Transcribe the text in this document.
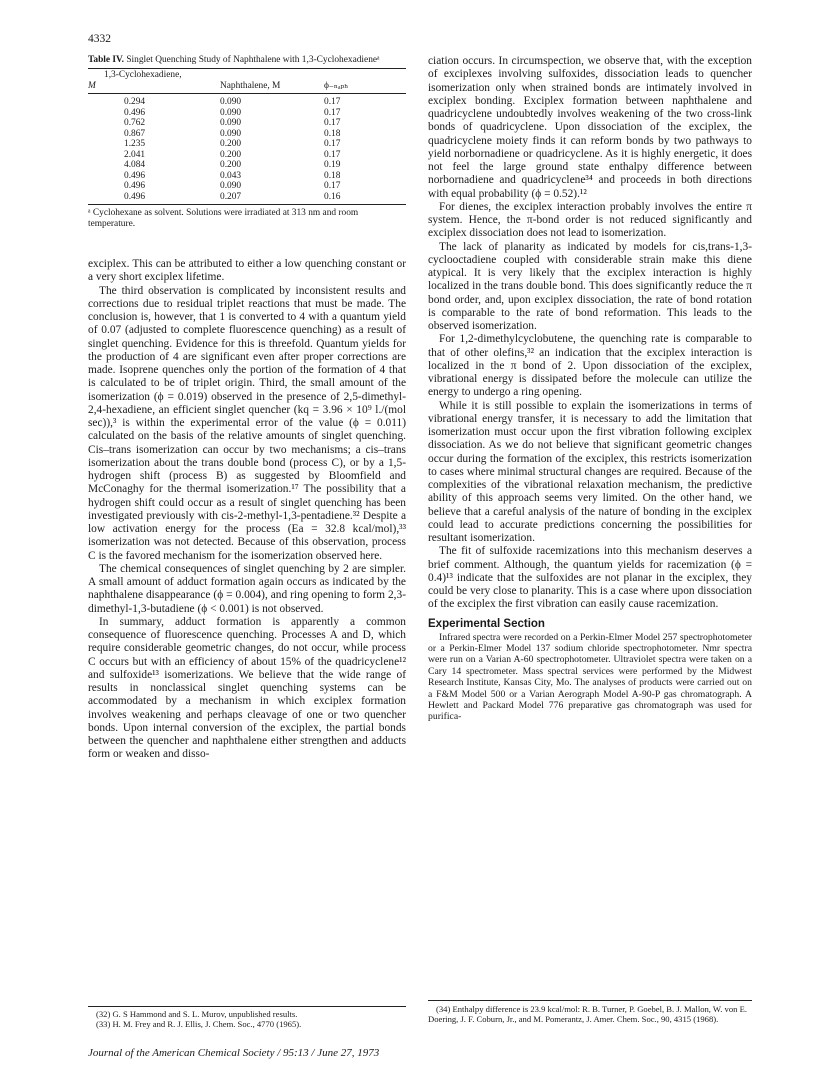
4332
Table IV. Singlet Quenching Study of Naphthalene with 1,3-Cyclohexadieneᵃ
1,3-Cyclohexadiene,		
M	Naphthalene, M	ϕ₋ₙₐₚₕ
0.294	0.090	0.17
0.496	0.090	0.17
0.762	0.090	0.17
0.867	0.090	0.18
1.235	0.200	0.17
2.041	0.200	0.17
4.084	0.200	0.19
0.496	0.043	0.18
0.496	0.090	0.17
0.496	0.207	0.16
ᵃ Cyclohexane as solvent. Solutions were irradiated at 313 nm and room temperature.

exciplex. This can be attributed to either a low quenching constant or a very short exciplex lifetime.

The third observation is complicated by inconsistent results and corrections due to residual triplet reactions that must be made. The conclusion is, however, that 1 is converted to 4 with a quantum yield of 0.07 (adjusted to complete fluorescence quenching) as a result of singlet quenching. Evidence for this is threefold. Quantum yields for the production of 4 are significant even after proper corrections are made. Isoprene quenches only the portion of the formation of 4 that is calculated to be of triplet origin. Third, the small amount of the isomerization (ϕ = 0.019) observed in the presence of 2,5-dimethyl-2,4-hexadiene, an efficient singlet quencher (kq = 3.96 × 10⁹ l./(mol sec)),³ is within the experimental error of the value (ϕ = 0.011) calculated on the basis of the relative amounts of singlet quenching. Cis–trans isomerization can occur by two mechanisms; a cis–trans isomerization about the trans double bond (process C), or by a 1,5-hydrogen shift (process B) as suggested by Bloomfield and McConaghy for the thermal isomerization.¹⁷ The possibility that a hydrogen shift could occur as a result of singlet quenching has been investigated previously with cis-2-methyl-1,3-pentadiene.³² Despite a low activation energy for the process (Ea = 32.8 kcal/mol),³³ isomerization was not detected. Because of this observation, process C is the favored mechanism for the isomerization observed here.

The chemical consequences of singlet quenching by 2 are simpler. A small amount of adduct formation again occurs as indicated by the naphthalene disappearance (ϕ = 0.004), and ring opening to form 2,3-dimethyl-1,3-butadiene (ϕ < 0.001) is not observed.

In summary, adduct formation is apparently a common consequence of fluorescence quenching. Processes A and D, which require considerable geometric changes, do not occur, while process C occurs but with an efficiency of about 15% of the quadricyclene¹² and sulfoxide¹³ isomerizations. We believe that the wide range of results in nonclassical singlet quenching systems can be accommodated by a mechanism in which exciplex formation involves weakening and perhaps cleavage of one or two quencher bonds. Upon internal conversion of the exciplex, the partial bonds between the quencher and naphthalene either strengthen and adducts form or weaken and disso-

ciation occurs. In circumspection, we observe that, with the exception of exciplexes involving sulfoxides, dissociation leads to quencher isomerization only when strained bonds are intimately involved in exciplex bonding. Exciplex formation between naphthalene and quadricyclene undoubtedly involves weakening of the two cross-link bonds of quadricyclene. Upon dissociation of the exciplex, the quadricyclene moiety finds it can reform bonds by two pathways to yield norbornadiene or quadricyclene. As it is highly energetic, it does not feel the large ground state enthalpy difference between norbornadiene and quadricyclene³⁴ and proceeds in both directions with equal probability (ϕ = 0.52).¹²

For dienes, the exciplex interaction probably involves the entire π system. Hence, the π-bond order is not reduced significantly and exciplex dissociation does not lead to isomerization.

The lack of planarity as indicated by models for cis,trans-1,3-cyclooctadiene coupled with considerable strain make this diene atypical. It is very likely that the exciplex interaction is highly localized in the trans double bond. This does significantly reduce the π bond order, and, upon exciplex dissociation, the rate of bond rotation is comparable to the rate of bond reformation. This leads to the observed isomerization.

For 1,2-dimethylcyclobutene, the quenching rate is comparable to that of other olefins,³² an indication that the exciplex interaction is localized in the π bond of 2. Upon dissociation of the exciplex, vibrational energy is dissipated before the molecule can utilize the energy to undergo a ring opening.

While it is still possible to explain the isomerizations in terms of vibrational energy transfer, it is necessary to add the limitation that isomerization must occur upon the first vibration following exciplex dissociation. As we do not believe that significant geometric changes occur during the formation of the exciplex, this restricts isomerization to cases where minimal structural changes are required. Because of the complexities of the vibrational relaxation mechanism, the predictive ability of this approach seems very limited. On the other hand, we believe that a careful analysis of the nature of bonding in the exciplex could lead to accurate predictions concerning the possibilities for resultant isomerization.

The fit of sulfoxide racemizations into this mechanism deserves a brief comment. Although, the quantum yields for racemization (ϕ = 0.4)¹³ indicate that the sulfoxides are not planar in the exciplex, they could be very close to planarity. This is a case where upon dissociation of the exciplex the first vibration can easily cause racemization.

Experimental Section

Infrared spectra were recorded on a Perkin-Elmer Model 257 spectrophotometer or a Perkin-Elmer Model 137 sodium chloride spectrophotometer. Nmr spectra were run on a Varian A-60 spectrophotometer. Ultraviolet spectra were taken on a Cary 14 spectrometer. Mass spectral services were performed by the Midwest Research Institute, Kansas City, Mo. The analyses of products were carried out on a F&M Model 500 or a Varian Aerograph Model A-90-P gas chromatograph. A Hewlett and Packard Model 776 preparative gas chromatograph was used for purifica-

(32) G. S Hammond and S. L. Murov, unpublished results.
(33) H. M. Frey and R. J. Ellis, J. Chem. Soc., 4770 (1965).
(34) Enthalpy difference is 23.9 kcal/mol: R. B. Turner, P. Goebel, B. J. Mallon, W. von E. Doering, J. F. Coburn, Jr., and M. Pomerantz, J. Amer. Chem. Soc., 90, 4315 (1968).
Journal of the American Chemical Society / 95:13 / June 27, 1973
